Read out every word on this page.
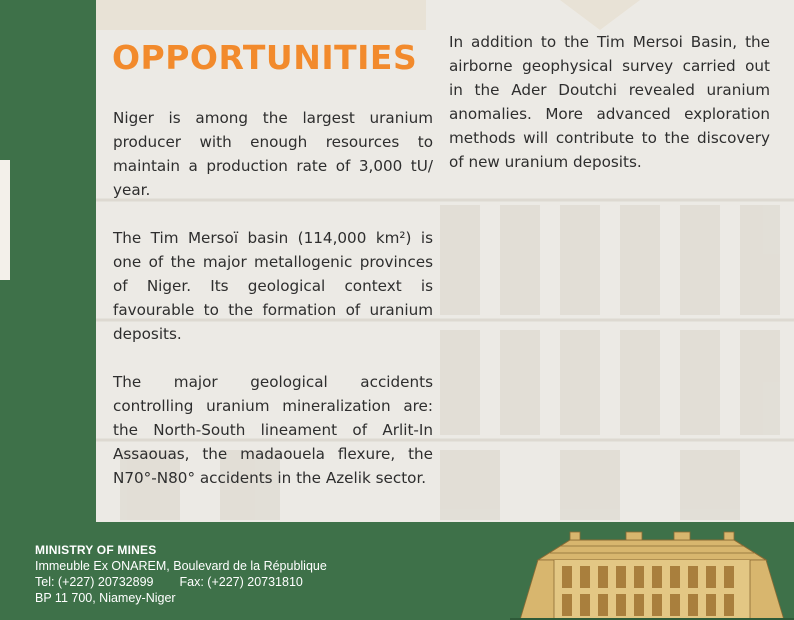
OPPORTUNITIES

Niger is among the largest uranium producer with enough resources to maintain a production rate of 3,000 tU/ year.

The Tim Mersoï basin (114,000 km²) is one of the major metallogenic provinces of Niger. Its geological context is favourable to the formation of uranium deposits.

The major geological accidents controlling uranium mineralization are: the North-South lineament of Arlit-In Assaouas, the madaouela flexure, the N70°-N80° accidents in the Azelik sector.

In addition to the Tim Mersoi Basin, the airborne geophysical survey carried out in the Ader Doutchi revealed uranium anomalies. More advanced exploration methods will contribute to the discovery of new uranium deposits.

MINISTRY OF MINES
Immeuble Ex ONAREM, Boulevard de la République
Tel: (+227) 20732899 Fax: (+227) 20731810
BP 11 700, Niamey-Niger
